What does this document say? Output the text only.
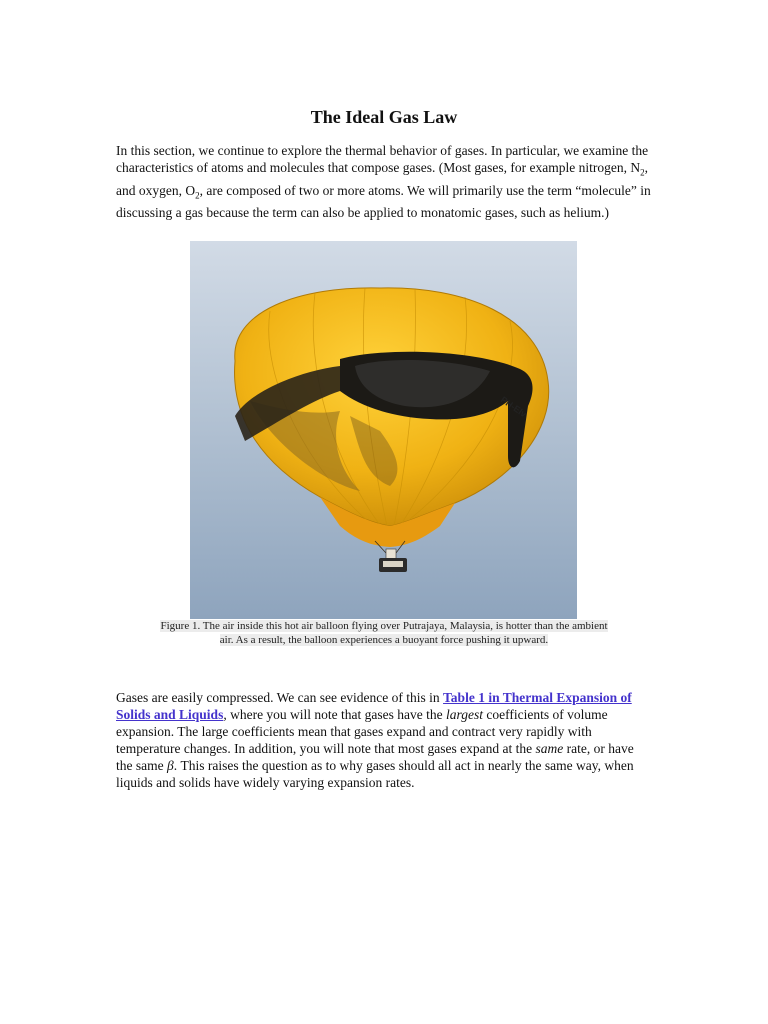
The Ideal Gas Law

In this section, we continue to explore the thermal behavior of gases. In particular, we examine the characteristics of atoms and molecules that compose gases. (Most gases, for example nitrogen, $N_2$, and oxygen, $O_2$, are composed of two or more atoms. We will primarily use the term “molecule” in discussing a gas because the term can also be applied to monatomic gases, such as helium.)

Gases are easily compressed. We can see evidence of this in Table 1 in Thermal Expansion of Solids and Liquids, where you will note that gases have the largest coefficients of volume expansion. The large coefficients mean that gases expand and contract very rapidly with temperature changes. In addition, you will note that most gases expand at the same rate, or have the same β. This raises the question as to why gases should all act in nearly the same way, when liquids and solids have widely varying expansion rates.

PH-Elv
Figure 1. The air inside this hot air balloon flying over Putrajaya, Malaysia, is hotter than the ambient
air. As a result, the balloon experiences a buoyant force pushing it upward.
